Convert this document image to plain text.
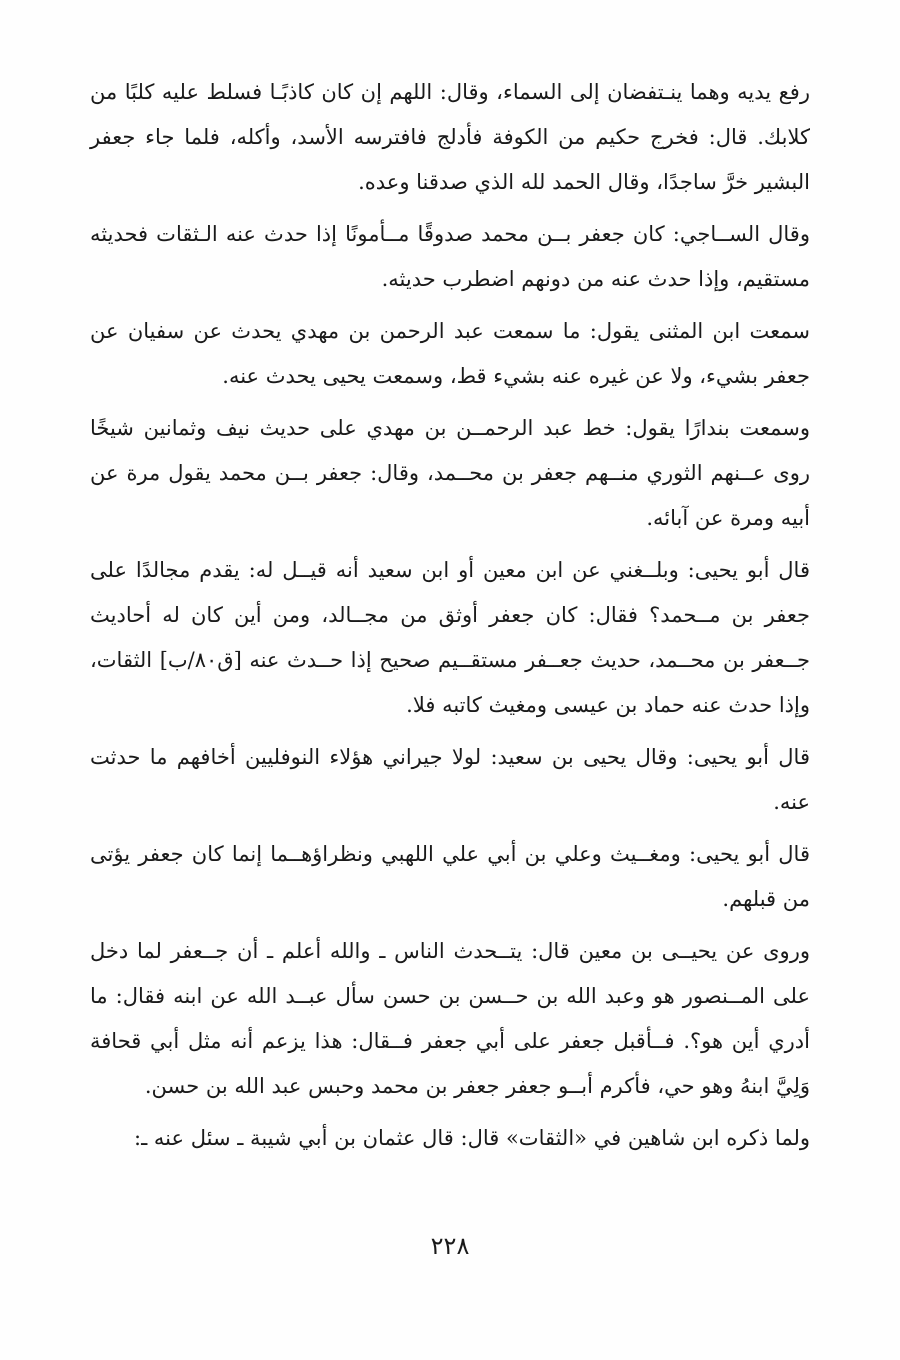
رفع يديه وهما ينـتفضان إلى السماء، وقال: اللهم إن كان كاذبًـا فسلط عليه كلبًا من كلابك. قال: فخرج حكيم من الكوفة فأدلج فافترسه الأسد، وأكله، فلما جاء جعفر البشير خرَّ ساجدًا، وقال الحمد لله الذي صدقنا وعده.

وقال الســاجي: كان جعفر بــن محمد صدوقًا مــأمونًا إذا حدث عنه الـثقات فحديثه مستقيم، وإذا حدث عنه من دونهم اضطرب حديثه.

سمعت ابن المثنى يقول: ما سمعت عبد الرحمن بن مهدي يحدث عن سفيان عن جعفر بشيء، ولا عن غيره عنه بشيء قط، وسمعت يحيى يحدث عنه.

وسمعت بندارًا يقول: خط عبد الرحمــن بن مهدي على حديث نيف وثمانين شيخًا روى عــنهم الثوري منــهم جعفر بن محــمد، وقال: جعفر بــن محمد يقول مرة عن أبيه ومرة عن آبائه.

قال أبو يحيى: وبلــغني عن ابن معين أو ابن سعيد أنه قيــل له: يقدم مجالدًا على جعفر بن مــحمد؟ فقال: كان جعفر أوثق من مجــالد، ومن أين كان له أحاديث جــعفر بن محــمد، حديث جعــفر مستقــيم صحيح إذا حــدث عنه [ق٨٠/ب] الثقات، وإذا حدث عنه حماد بن عيسى ومغيث كاتبه فلا.

قال أبو يحيى: وقال يحيى بن سعيد: لولا جيراني هؤلاء النوفليين أخافهم ما حدثت عنه.

قال أبو يحيى: ومغــيث وعلي بن أبي علي اللهبي ونظراؤهــما إنما كان جعفر يؤتى من قبلهم.

وروى عن يحيــى بن معين قال: يتــحدث الناس ـ والله أعلم ـ أن جــعفر لما دخل على المــنصور هو وعبد الله بن حــسن بن حسن سأل عبــد الله عن ابنه فقال: ما أدري أين هو؟. فــأقبل جعفر على أبي جعفر فــقال: هذا يزعم أنه مثل أبي قحافة وَلِيَّ ابنهُ وهو حي، فأكرم أبــو جعفر جعفر بن محمد وحبس عبد الله بن حسن.

ولما ذكره ابن شاهين في «الثقات» قال: قال عثمان بن أبي شيبة ـ سئل عنه ـ:

٢٢٨
